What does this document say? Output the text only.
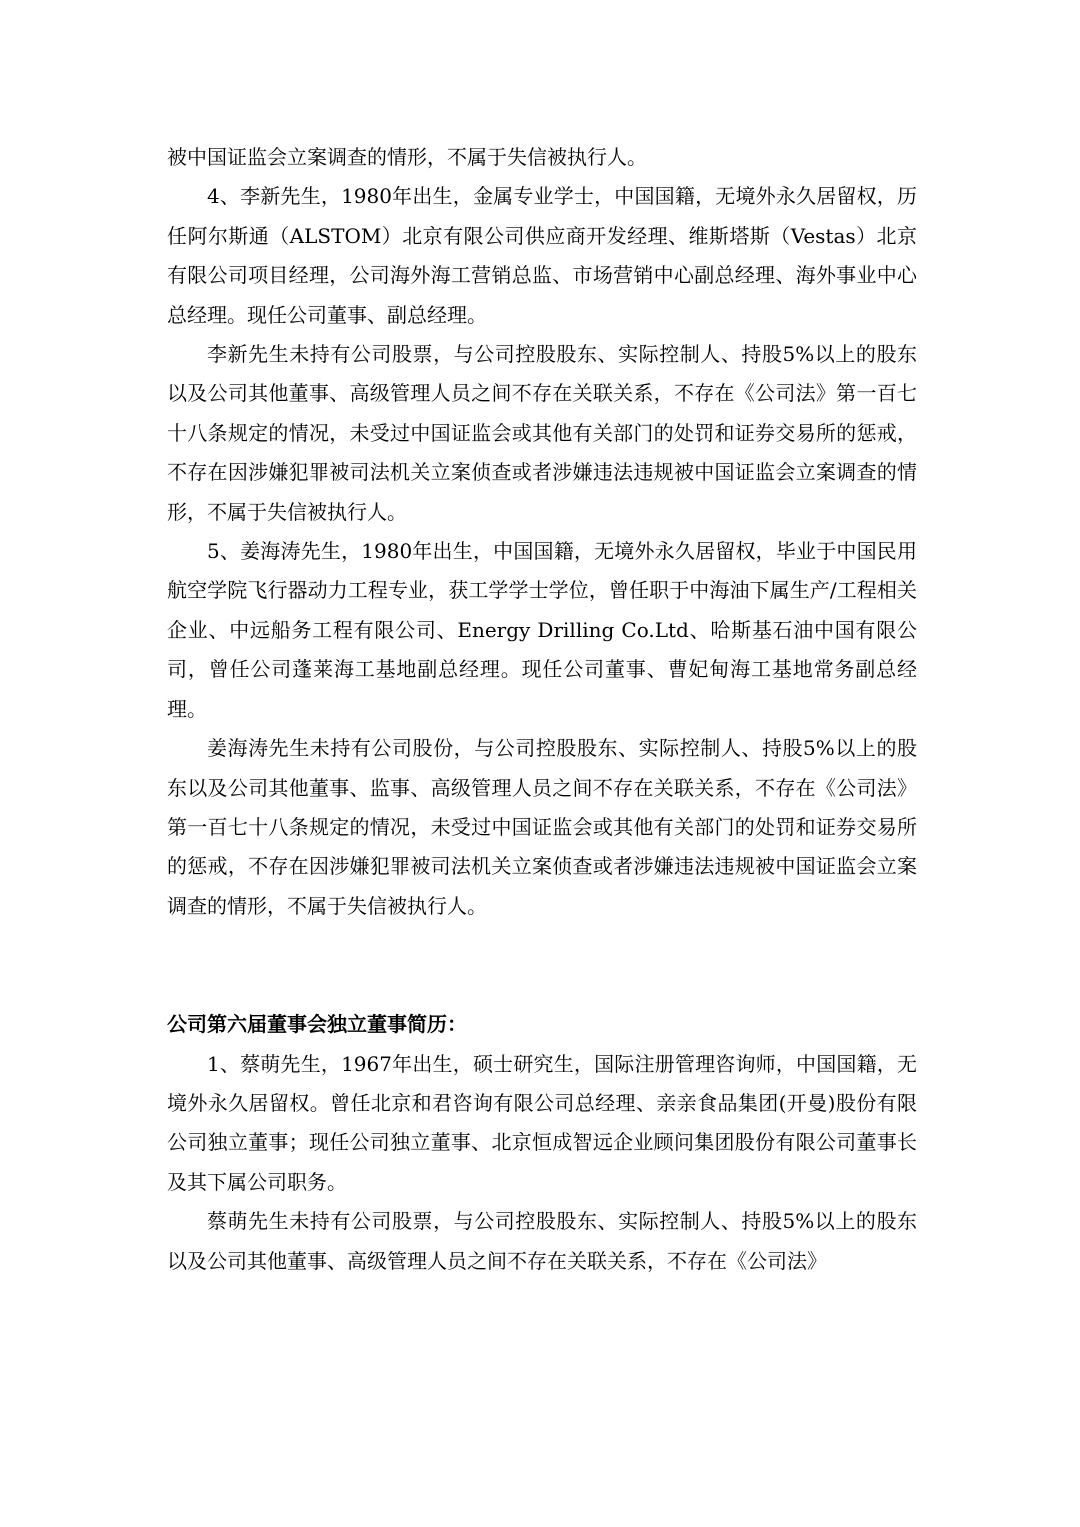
被中国证监会立案调查的情形，不属于失信被执行人。

4、李新先生，1980年出生，金属专业学士，中国国籍，无境外永久居留权，历任阿尔斯通（ALSTOM）北京有限公司供应商开发经理、维斯塔斯（Vestas）北京有限公司项目经理，公司海外海工营销总监、市场营销中心副总经理、海外事业中心总经理。现任公司董事、副总经理。

李新先生未持有公司股票，与公司控股股东、实际控制人、持股5%以上的股东以及公司其他董事、高级管理人员之间不存在关联关系，不存在《公司法》第一百七十八条规定的情况，未受过中国证监会或其他有关部门的处罚和证券交易所的惩戒，不存在因涉嫌犯罪被司法机关立案侦查或者涉嫌违法违规被中国证监会立案调查的情形，不属于失信被执行人。

5、姜海涛先生，1980年出生，中国国籍，无境外永久居留权，毕业于中国民用航空学院飞行器动力工程专业，获工学学士学位，曾任职于中海油下属生产/工程相关企业、中远船务工程有限公司、Energy Drilling Co.Ltd、哈斯基石油中国有限公司，曾任公司蓬莱海工基地副总经理。现任公司董事、曹妃甸海工基地常务副总经理。

姜海涛先生未持有公司股份，与公司控股股东、实际控制人、持股5%以上的股东以及公司其他董事、监事、高级管理人员之间不存在关联关系，不存在《公司法》第一百七十八条规定的情况，未受过中国证监会或其他有关部门的处罚和证券交易所的惩戒，不存在因涉嫌犯罪被司法机关立案侦查或者涉嫌违法违规被中国证监会立案调查的情形，不属于失信被执行人。

公司第六届董事会独立董事简历：

1、蔡萌先生，1967年出生，硕士研究生，国际注册管理咨询师，中国国籍，无境外永久居留权。曾任北京和君咨询有限公司总经理、亲亲食品集团(开曼)股份有限公司独立董事；现任公司独立董事、北京恒成智远企业顾问集团股份有限公司董事长及其下属公司职务。

蔡萌先生未持有公司股票，与公司控股股东、实际控制人、持股5%以上的股东以及公司其他董事、高级管理人员之间不存在关联关系，不存在《公司法》
